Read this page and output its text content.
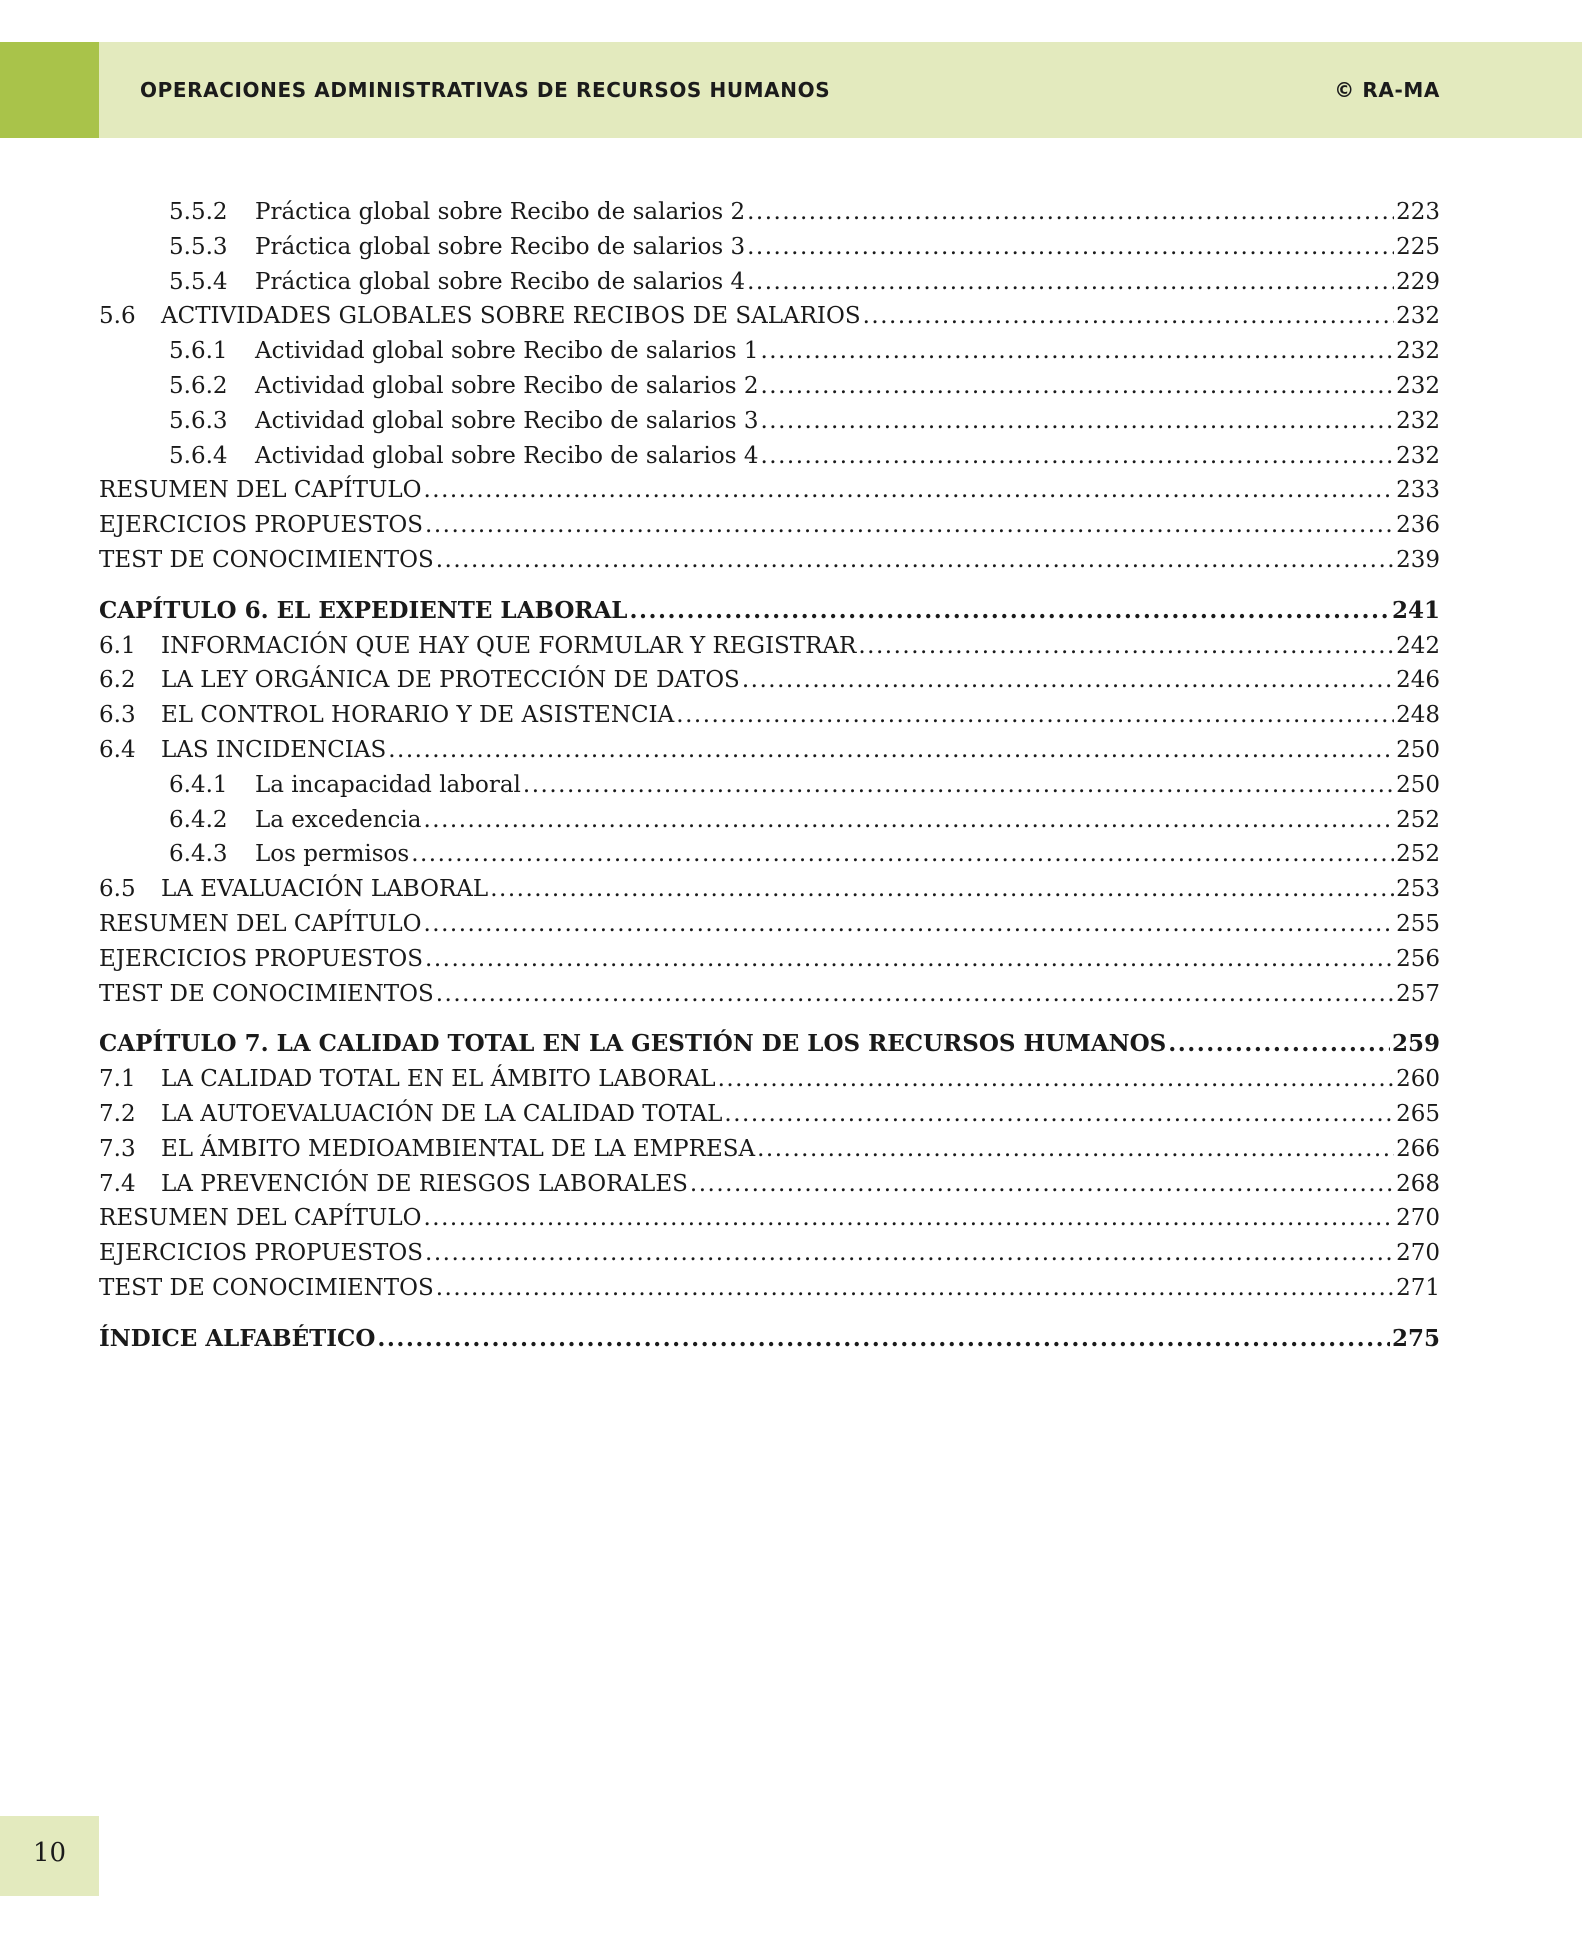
OPERACIONES ADMINISTRATIVAS DE RECURSOS HUMANOS	© RA-MA
5.5.2	Práctica global sobre Recibo de salarios 2 .....	223
5.5.3	Práctica global sobre Recibo de salarios 3 .....	225
5.5.4	Práctica global sobre Recibo de salarios 4 .....	229
5.6	ACTIVIDADES GLOBALES SOBRE RECIBOS DE SALARIOS .....	232
5.6.1	Actividad global sobre Recibo de salarios 1 .....	232
5.6.2	Actividad global sobre Recibo de salarios 2 .....	232
5.6.3	Actividad global sobre Recibo de salarios 3 .....	232
5.6.4	Actividad global sobre Recibo de salarios 4 .....	232
RESUMEN DEL CAPÍTULO .....	233
EJERCICIOS PROPUESTOS .....	236
TEST DE CONOCIMIENTOS .....	239
CAPÍTULO 6. EL EXPEDIENTE LABORAL .....	241
6.1	INFORMACIÓN QUE HAY QUE FORMULAR Y REGISTRAR .....	242
6.2	LA LEY ORGÁNICA DE PROTECCIÓN DE DATOS .....	246
6.3	EL CONTROL HORARIO Y DE ASISTENCIA .....	248
6.4	LAS INCIDENCIAS .....	250
6.4.1	La incapacidad laboral .....	250
6.4.2	La excedencia .....	252
6.4.3	Los permisos .....	252
6.5	LA EVALUACIÓN LABORAL .....	253
RESUMEN DEL CAPÍTULO .....	255
EJERCICIOS PROPUESTOS .....	256
TEST DE CONOCIMIENTOS .....	257
CAPÍTULO 7. LA CALIDAD TOTAL EN LA GESTIÓN DE LOS RECURSOS HUMANOS .....	259
7.1	LA CALIDAD TOTAL EN EL ÁMBITO LABORAL .....	260
7.2	LA AUTOEVALUACIÓN DE LA CALIDAD TOTAL .....	265
7.3	EL ÁMBITO MEDIOAMBIENTAL DE LA EMPRESA .....	266
7.4	LA PREVENCIÓN DE RIESGOS LABORALES .....	268
RESUMEN DEL CAPÍTULO .....	270
EJERCICIOS PROPUESTOS .....	270
TEST DE CONOCIMIENTOS .....	271
ÍNDICE ALFABÉTICO .....	275
10
